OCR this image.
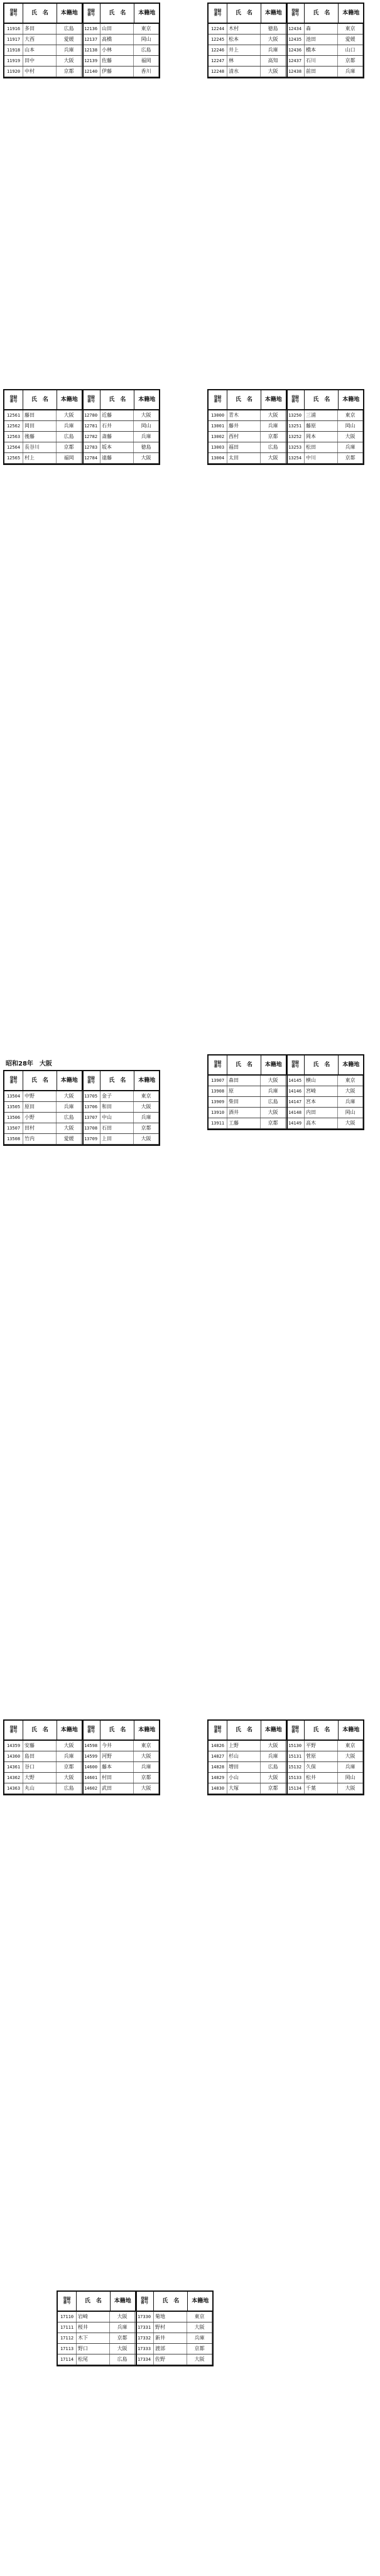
登録
番号	氏　名	本籍地	登録
番号	氏　名	本籍地
11916 多田	広島	12136 山田	東京
11917 大西	愛媛	12137 高橋	岡山
11918 山本	兵庫	12138 小林	広島
11919 田中	大阪	12139 佐藤	福岡
11920 中村	京都	12140 伊藤	香川
登録
番号	氏　名	本籍地	登録
番号	氏　名	本籍地
12244 木村	徳島	12434 森	東京
12245 松本	大阪	12435 池田	愛媛
12246 井上	兵庫	12436 橋本	山口
12247 林	高知	12437 石川	京都
12248 清水	大阪	12438 前田	兵庫
登録
番号	氏　名	本籍地	登録
番号	氏　名	本籍地
12561 藤田	大阪	12780 近藤	大阪
12562 岡田	兵庫	12781 石井	岡山
12563 後藤	広島	12782 斎藤	兵庫
12564 長谷川	京都	12783 坂本	徳島
12565 村上	福岡	12784 遠藤	大阪
登録
番号	氏　名	本籍地	登録
番号	氏　名	本籍地
13000 青木	大阪	13250 三浦	東京
13001 藤井	兵庫	13251 藤原	岡山
13002 西村	京都	13252 岡本	大阪
13003 福田	広島	13253 松田	兵庫
13004 太田	大阪	13254 中川	京都
昭和28年　大阪
登録
番号	氏　名	本籍地	登録
番号	氏　名	本籍地
13504 中野	大阪	13705 金子	東京
13505 原田	兵庫	13706 和田	大阪
13506 小野	広島	13707 中山	兵庫
13507 田村	大阪	13708 石田	京都
13508 竹内	愛媛	13709 上田	大阪
登録
番号	氏　名	本籍地	登録
番号	氏　名	本籍地
13907 森田	大阪	14145 横山	東京
13908 原	兵庫	14146 宮崎	大阪
13909 柴田	広島	14147 宮本	兵庫
13910 酒井	大阪	14148 内田	岡山
13911 工藤	京都	14149 高木	大阪
登録
番号	氏　名	本籍地	登録
番号	氏　名	本籍地
14359 安藤	大阪	14598 今井	東京
14360 島田	兵庫	14599 河野	大阪
14361 谷口	京都	14600 藤本	兵庫
14362 大野	大阪	14601 村田	京都
14363 丸山	広島	14602 武田	大阪
登録
番号	氏　名	本籍地	登録
番号	氏　名	本籍地
14826 上野	大阪	15130 平野	東京
14827 杉山	兵庫	15131 菅原	大阪
14828 増田	広島	15132 久保	兵庫
14829 小山	大阪	15133 松井	岡山
14830 大塚	京都	15134 千葉	大阪
登録
番号	氏　名	本籍地	登録
番号	氏　名	本籍地
17110 岩崎	大阪	17330 菊地	東京
17111 桜井	兵庫	17331 野村	大阪
17112 木下	京都	17332 新井	兵庫
17113 野口	大阪	17333 渡部	京都
17114 松尾	広島	17334 佐野	大阪
